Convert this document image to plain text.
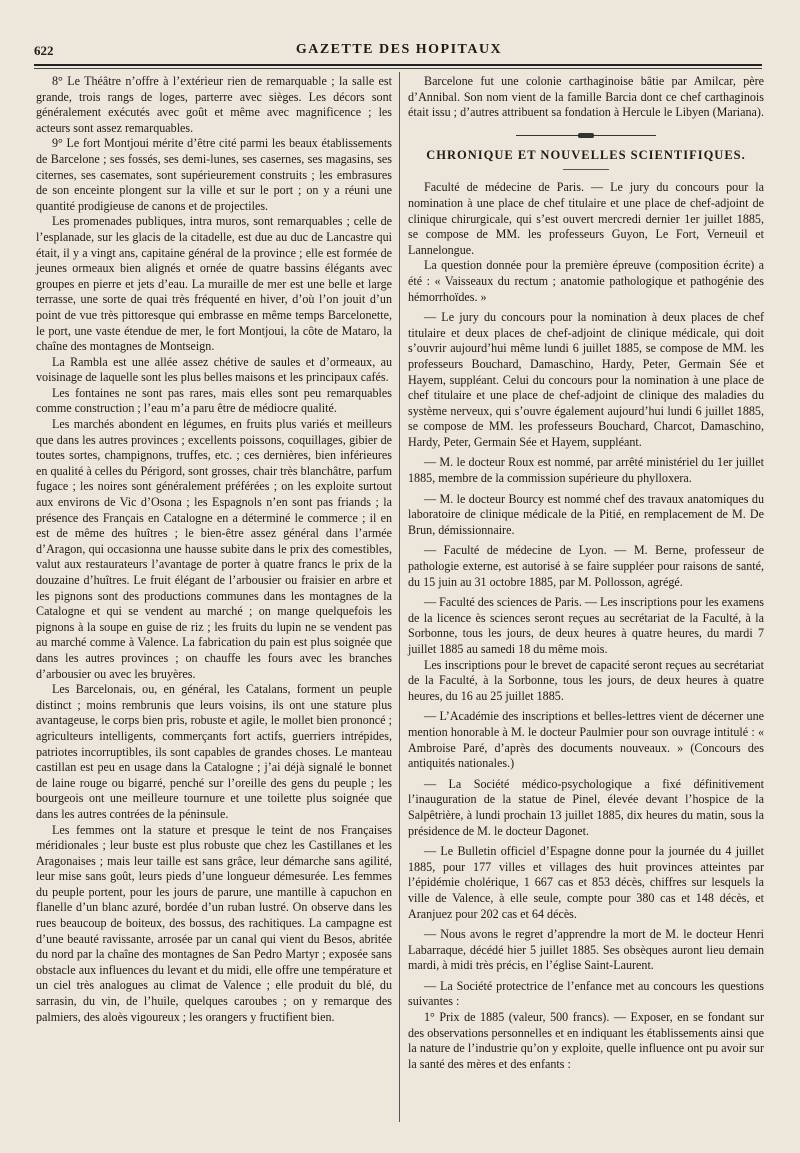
622	GAZETTE DES HOPITAUX

8° Le Théâtre n’offre à l’extérieur rien de remarquable ; la salle est grande, trois rangs de loges, parterre avec sièges. Les décors sont généralement exécutés avec goût et même avec magnificence ; les acteurs sont assez remarquables.

9° Le fort Montjoui mérite d’être cité parmi les beaux établissements de Barcelone ; ses fossés, ses demi-lunes, ses casernes, ses magasins, ses citernes, ses casemates, sont supérieurement construits ; les embrasures de son enceinte plongent sur la ville et sur le port ; on y a réuni une quantité prodigieuse de canons et de projectiles.

Les promenades publiques, intra muros, sont remarquables ; celle de l’esplanade, sur les glacis de la citadelle, est due au duc de Lancastre qui était, il y a vingt ans, capitaine général de la province ; elle est formée de jeunes ormeaux bien alignés et ornée de quatre bassins élégants avec groupes en pierre et jets d’eau. La muraille de mer est une belle et large terrasse, une sorte de quai très fréquenté en hiver, d’où l’on jouit d’un point de vue très pittoresque qui embrasse en même temps Barcelonette, le port, une vaste étendue de mer, le fort Montjoui, la côte de Mataro, la chaîne des montagnes de Montseign.

La Rambla est une allée assez chétive de saules et d’ormeaux, au voisinage de laquelle sont les plus belles maisons et les principaux cafés.

Les fontaines ne sont pas rares, mais elles sont peu remarquables comme construction ; l’eau m’a paru être de médiocre qualité.

Les marchés abondent en légumes, en fruits plus variés et meilleurs que dans les autres provinces ; excellents poissons, coquillages, gibier de toutes sortes, champignons, truffes, etc. ; ces dernières, bien inférieures en qualité à celles du Périgord, sont grosses, chair très blanchâtre, parfum fugace ; les noires sont généralement préférées ; on les exploite surtout aux environs de Vic d’Osona ; les Espagnols n’en sont pas friands ; la présence des Français en Catalogne en a déterminé le commerce ; il en est de même des huîtres ; le bien-être assez général dans l’armée d’Aragon, qui occasionna une hausse subite dans le prix des comestibles, valut aux restaurateurs l’avantage de porter à quatre francs le prix de la douzaine d’huîtres. Le fruit élégant de l’arbousier ou fraisier en arbre et les pignons sont des productions communes dans les montagnes de la Catalogne et qui se vendent au marché ; on mange quelquefois les pignons à la soupe en guise de riz ; les fruits du lupin ne se vendent pas au marché comme à Valence. La fabrication du pain est plus soignée que dans les autres provinces ; on chauffe les fours avec les branches d’arbousier ou avec les bruyères.

Les Barcelonais, ou, en général, les Catalans, forment un peuple distinct ; moins rembrunis que leurs voisins, ils ont une stature plus avantageuse, le corps bien pris, robuste et agile, le mollet bien prononcé ; agriculteurs intelligents, commerçants fort actifs, guerriers intrépides, patriotes incorruptibles, ils sont capables de grandes choses. Le manteau castillan est peu en usage dans la Catalogne ; j’ai déjà signalé le bonnet de laine rouge ou bigarré, penché sur l’oreille des gens du peuple ; les bourgeois ont une meilleure tournure et une toilette plus soignée que dans les autres contrées de la péninsule.

Les femmes ont la stature et presque le teint de nos Françaises méridionales ; leur buste est plus robuste que chez les Castillanes et les Aragonaises ; mais leur taille est sans grâce, leur démarche sans agilité, leur mise sans goût, leurs pieds d’une longueur démesurée. Les femmes du peuple portent, pour les jours de parure, une mantille à capuchon en flanelle d’un blanc azuré, bordée d’un ruban lustré. On observe dans les rues beaucoup de boiteux, des bossus, des rachitiques. La campagne est d’une beauté ravissante, arrosée par un canal qui vient du Besos, abritée du nord par la chaîne des montagnes de San Pedro Martyr ; exposée sans obstacle aux influences du levant et du midi, elle offre une température et un ciel très analogues au climat de Valence ; elle produit du blé, du sarrasin, du vin, de l’huile, quelques caroubes ; on y remarque des palmiers, des aloès vigoureux ; les orangers y fructifient bien.

Barcelone fut une colonie carthaginoise bâtie par Amilcar, père d’Annibal. Son nom vient de la famille Barcia dont ce chef carthaginois était issu ; d’autres attribuent sa fondation à Hercule le Libyen (Mariana).

CHRONIQUE ET NOUVELLES SCIENTIFIQUES.

Faculté de médecine de Paris. — Le jury du concours pour la nomination à une place de chef titulaire et une place de chef-adjoint de clinique chirurgicale, qui s’est ouvert mercredi dernier 1er juillet 1885, se compose de MM. les professeurs Guyon, Le Fort, Verneuil et Lannelongue.

La question donnée pour la première épreuve (composition écrite) a été : « Vaisseaux du rectum ; anatomie pathologique et pathogénie des hémorrhoïdes. »

— Le jury du concours pour la nomination à deux places de chef titulaire et deux places de chef-adjoint de clinique médicale, qui doit s’ouvrir aujourd’hui même lundi 6 juillet 1885, se compose de MM. les professeurs Bouchard, Damaschino, Hardy, Peter, Germain Sée et Hayem, suppléant. Celui du concours pour la nomination à une place de chef titulaire et une place de chef-adjoint de clinique des maladies du système nerveux, qui s’ouvre également aujourd’hui lundi 6 juillet 1885, se compose de MM. les professeurs Bouchard, Charcot, Damaschino, Hardy, Peter, Germain Sée et Hayem, suppléant.

— M. le docteur Roux est nommé, par arrêté ministériel du 1er juillet 1885, membre de la commission supérieure du phylloxera.

— M. le docteur Bourcy est nommé chef des travaux anatomiques du laboratoire de clinique médicale de la Pitié, en remplacement de M. De Brun, démissionnaire.

— Faculté de médecine de Lyon. — M. Berne, professeur de pathologie externe, est autorisé à se faire suppléer pour raisons de santé, du 15 juin au 31 octobre 1885, par M. Pollosson, agrégé.

— Faculté des sciences de Paris. — Les inscriptions pour les examens de la licence ès sciences seront reçues au secrétariat de la Faculté, à la Sorbonne, tous les jours, de deux heures à quatre heures, du mardi 7 juillet 1885 au samedi 18 du même mois.

Les inscriptions pour le brevet de capacité seront reçues au secrétariat de la Faculté, à la Sorbonne, tous les jours, de deux heures à quatre heures, du 16 au 25 juillet 1885.

— L’Académie des inscriptions et belles-lettres vient de décerner une mention honorable à M. le docteur Paulmier pour son ouvrage intitulé : « Ambroise Paré, d’après des documents nouveaux. » (Concours des antiquités nationales.)

— La Société médico-psychologique a fixé définitivement l’inauguration de la statue de Pinel, élevée devant l’hospice de la Salpêtrière, à lundi prochain 13 juillet 1885, dix heures du matin, sous la présidence de M. le docteur Dagonet.

— Le Bulletin officiel d’Espagne donne pour la journée du 4 juillet 1885, pour 177 villes et villages des huit provinces atteintes par l’épidémie cholérique, 1 667 cas et 853 décès, chiffres sur lesquels la ville de Valence, à elle seule, compte pour 380 cas et 148 décès, et Aranjuez pour 202 cas et 64 décès.

— Nous avons le regret d’apprendre la mort de M. le docteur Henri Labarraque, décédé hier 5 juillet 1885. Ses obsèques auront lieu demain mardi, à midi très précis, en l’église Saint-Laurent.

— La Société protectrice de l’enfance met au concours les questions suivantes :

1° Prix de 1885 (valeur, 500 francs). — Exposer, en se fondant sur des observations personnelles et en indiquant les établissements ainsi que la nature de l’industrie qu’on y exploite, quelle influence ont pu avoir sur la santé des mères et des enfants :
